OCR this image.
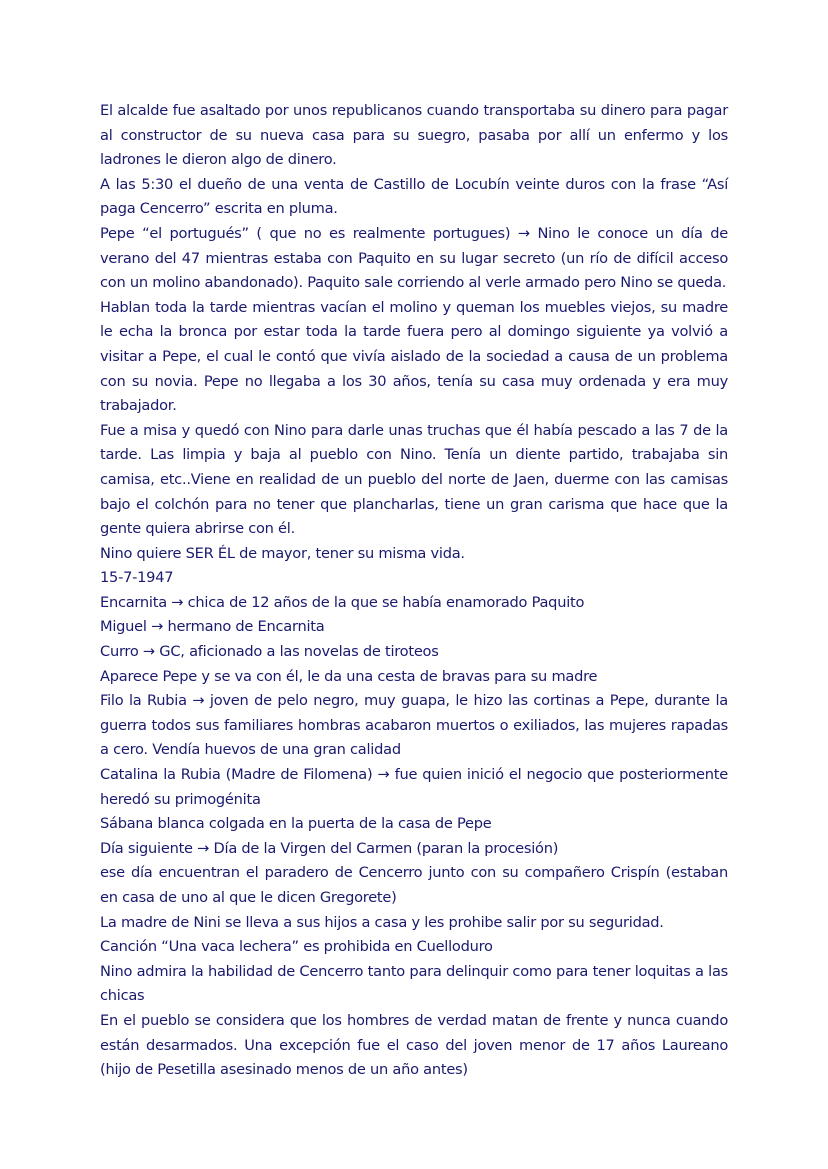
El alcalde fue asaltado por unos republicanos cuando transportaba su dinero para pagar al constructor de su nueva casa para su suegro, pasaba por allí un enfermo y los ladrones le dieron algo de dinero.

A las 5:30 el dueño de una venta de Castillo de Locubín veinte duros con la frase “Así paga Cencerro” escrita en pluma.

Pepe “el portugués” ( que no es realmente portugues) → Nino le conoce un día de verano del 47 mientras estaba con Paquito en su lugar secreto (un río de difícil acceso con un molino abandonado). Paquito sale corriendo al verle armado pero Nino se queda.

Hablan toda la tarde mientras vacían el molino y queman los muebles viejos, su madre le echa la bronca por estar toda la tarde fuera pero al domingo siguiente ya volvió a visitar a Pepe, el cual le contó que vivía aislado de la sociedad a causa de un problema con su novia. Pepe no llegaba a los 30 años, tenía su casa muy ordenada y era muy trabajador.

Fue a misa y quedó con Nino para darle unas truchas que él había pescado a las 7 de la tarde. Las limpia y baja al pueblo con Nino. Tenía un diente partido, trabajaba sin camisa, etc..Viene en realidad de un pueblo del norte de Jaen, duerme con las camisas bajo el colchón para no tener que plancharlas, tiene un gran carisma que hace que la gente quiera abrirse con él.

Nino quiere SER ÉL de mayor, tener su misma vida.

15-7-1947

Encarnita → chica de 12 años de la que se había enamorado Paquito

Miguel → hermano de Encarnita

Curro → GC, aficionado a las novelas de tiroteos

Aparece Pepe y se va con él, le da una cesta de bravas para su madre

Filo la Rubia → joven de pelo negro, muy guapa, le hizo las cortinas a Pepe, durante la guerra todos sus familiares hombras acabaron muertos o exiliados, las mujeres rapadas a cero. Vendía huevos de una gran calidad

Catalina la Rubia (Madre de Filomena) → fue quien inició el negocio que posteriormente heredó su primogénita

Sábana blanca colgada en la puerta de la casa de Pepe

Día siguiente → Día de la Virgen del Carmen (paran la procesión)

ese día encuentran el paradero de Cencerro junto con su compañero Crispín (estaban en casa de uno al que le dicen Gregorete)

La madre de Nini se lleva a sus hijos a casa y les prohibe salir por su seguridad.

Canción “Una vaca lechera” es prohibida en Cuelloduro

Nino admira la habilidad de Cencerro tanto para delinquir como para tener loquitas a las chicas

En el pueblo se considera que los hombres de verdad matan de frente y nunca cuando están desarmados. Una excepción fue el caso del joven menor de 17 años Laureano (hijo de Pesetilla asesinado menos de un año antes)
